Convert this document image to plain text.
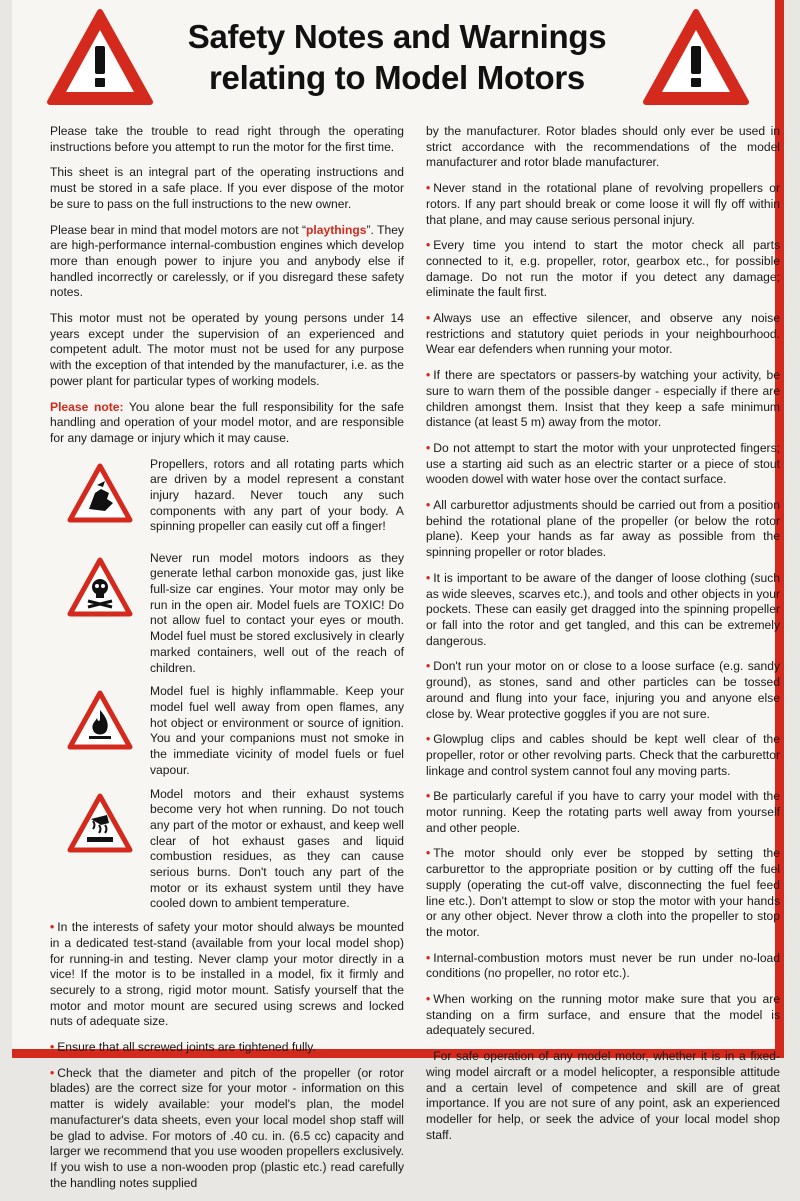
Safety Notes and Warnings
relating to Model Motors

Please take the trouble to read right through the operating instructions before you attempt to run the motor for the first time.

This sheet is an integral part of the operating instructions and must be stored in a safe place. If you ever dispose of the motor be sure to pass on the full instructions to the new owner.

Please bear in mind that model motors are not “playthings”. They are high-performance internal-combustion engines which develop more than enough power to injure you and anybody else if handled incorrectly or carelessly, or if you disregard these safety notes.

This motor must not be operated by young persons under 14 years except under the supervision of an experienced and competent adult. The motor must not be used for any purpose with the exception of that intended by the manufacturer, i.e. as the power plant for particular types of working models.

Please note: You alone bear the full responsibility for the safe handling and operation of your model motor, and are responsible for any damage or injury which it may cause.

Propellers, rotors and all rotating parts which are driven by a model represent a constant injury hazard. Never touch any such components with any part of your body. A spinning propeller can easily cut off a finger!
Never run model motors indoors as they generate lethal carbon monoxide gas, just like full-size car engines. Your motor may only be run in the open air. Model fuels are TOXIC! Do not allow fuel to contact your eyes or mouth. Model fuel must be stored exclusively in clearly marked containers, well out of the reach of children.
Model fuel is highly inflammable. Keep your model fuel well away from open flames, any hot object or environment or source of ignition. You and your companions must not smoke in the immediate vicinity of model fuels or fuel vapour.
Model motors and their exhaust systems become very hot when running. Do not touch any part of the motor or exhaust, and keep well clear of hot exhaust gases and liquid combustion residues, as they can cause serious burns. Don't touch any part of the motor or its exhaust system until they have cooled down to ambient temperature.

• In the interests of safety your motor should always be mounted in a dedicated test-stand (available from your local model shop) for running-in and testing. Never clamp your motor directly in a vice! If the motor is to be installed in a model, fix it firmly and securely to a strong, rigid motor mount. Satisfy yourself that the motor and motor mount are secured using screws and locked nuts of adequate size.

• Ensure that all screwed joints are tightened fully.

• Check that the diameter and pitch of the propeller (or rotor blades) are the correct size for your motor - information on this matter is widely available: your model's plan, the model manufacturer's data sheets, even your local model shop staff will be glad to advise. For motors of .40 cu. in. (6.5 cc) capacity and larger we recommend that you use wooden propellers exclusively. If you wish to use a non-wooden prop (plastic etc.) read carefully the handling notes supplied

by the manufacturer. Rotor blades should only ever be used in strict accordance with the recommendations of the model manufacturer and rotor blade manufacturer.

• Never stand in the rotational plane of revolving propellers or rotors. If any part should break or come loose it will fly off within that plane, and may cause serious personal injury.

• Every time you intend to start the motor check all parts connected to it, e.g. propeller, rotor, gearbox etc., for possible damage. Do not run the motor if you detect any damage; eliminate the fault first.

• Always use an effective silencer, and observe any noise restrictions and statutory quiet periods in your neighbourhood. Wear ear defenders when running your motor.

• If there are spectators or passers-by watching your activity, be sure to warn them of the possible danger - especially if there are children amongst them. Insist that they keep a safe minimum distance (at least 5 m) away from the motor.

• Do not attempt to start the motor with your unprotected fingers; use a starting aid such as an electric starter or a piece of stout wooden dowel with water hose over the contact surface.

• All carburettor adjustments should be carried out from a position behind the rotational plane of the propeller (or below the rotor plane). Keep your hands as far away as possible from the spinning propeller or rotor blades.

• It is important to be aware of the danger of loose clothing (such as wide sleeves, scarves etc.), and tools and other objects in your pockets. These can easily get dragged into the spinning propeller or fall into the rotor and get tangled, and this can be extremely dangerous.

• Don't run your motor on or close to a loose surface (e.g. sandy ground), as stones, sand and other particles can be tossed around and flung into your face, injuring you and anyone else close by. Wear protective goggles if you are not sure.

• Glowplug clips and cables should be kept well clear of the propeller, rotor or other revolving parts. Check that the carburettor linkage and control system cannot foul any moving parts.

• Be particularly careful if you have to carry your model with the motor running. Keep the rotating parts well away from yourself and other people.

• The motor should only ever be stopped by setting the carburettor to the appropriate position or by cutting off the fuel supply (operating the cut-off valve, disconnecting the fuel feed line etc.). Don't attempt to slow or stop the motor with your hands or any other object. Never throw a cloth into the propeller to stop the motor.

• Internal-combustion motors must never be run under no-load conditions (no propeller, no rotor etc.).

• When working on the running motor make sure that you are standing on a firm surface, and ensure that the model is adequately secured.

• For safe operation of any model motor, whether it is in a fixed-wing model aircraft or a model helicopter, a responsible attitude and a certain level of competence and skill are of great importance. If you are not sure of any point, ask an experienced modeller for help, or seek the advice of your local model shop staff.
